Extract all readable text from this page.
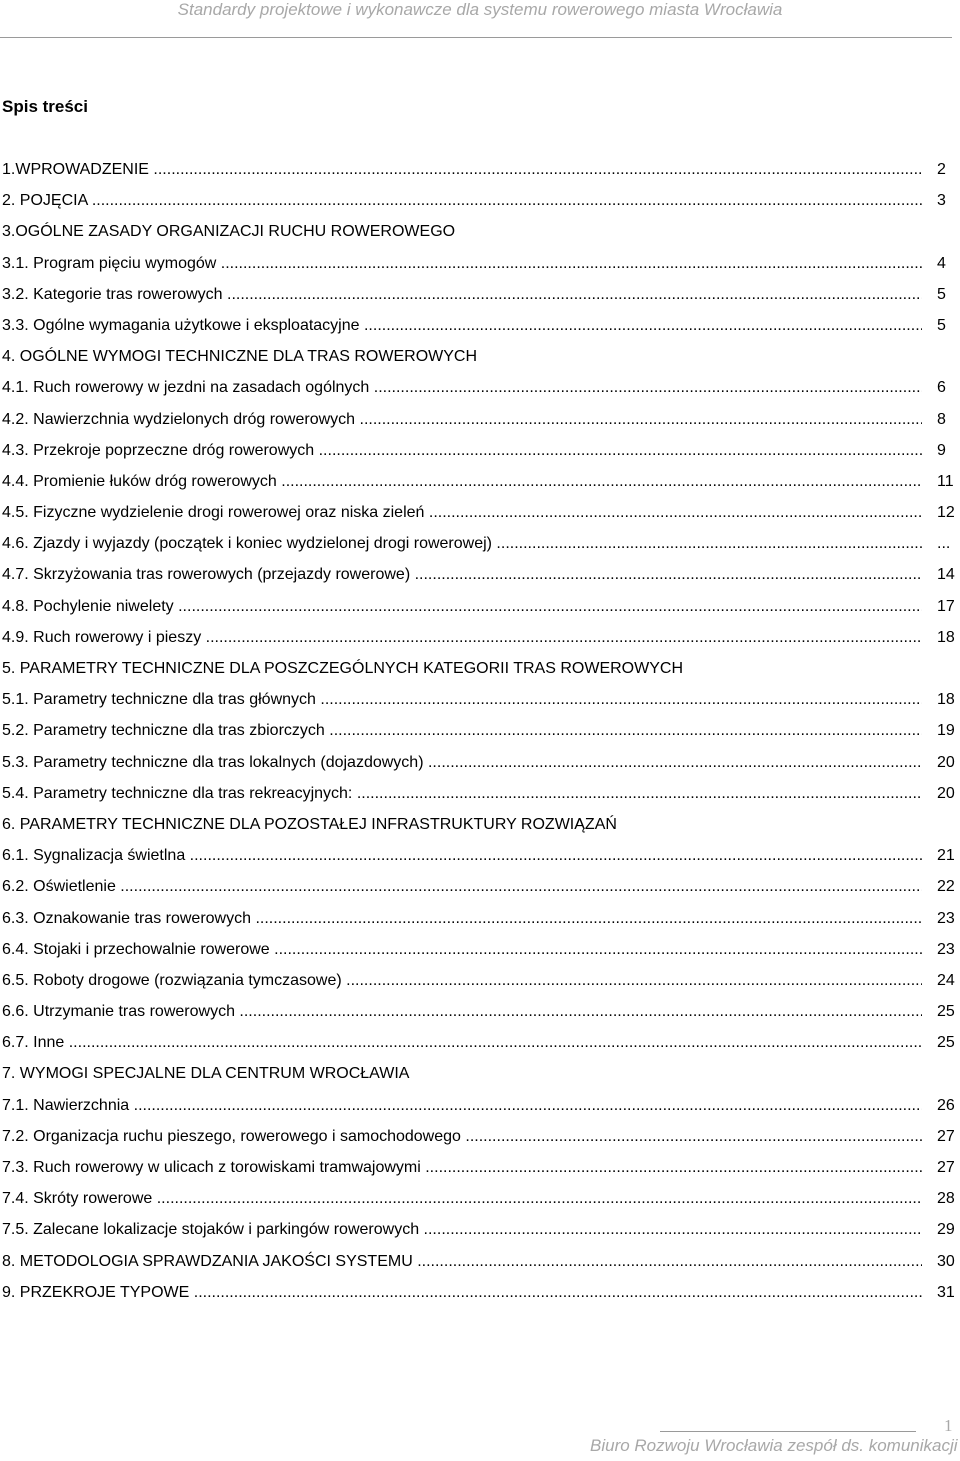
Standardy projektowe i wykonawcze dla systemu rowerowego miasta Wrocławia
Spis treści
1.WPROWADZENIE .....	2
2. POJĘCIA .....	3
3.OGÓLNE ZASADY ORGANIZACJI RUCHU ROWEROWEGO
3.1. Program pięciu wymogów .....	4
3.2. Kategorie tras rowerowych .....	5
3.3. Ogólne wymagania użytkowe i eksploatacyjne .....	5
4. OGÓLNE WYMOGI TECHNICZNE DLA TRAS ROWEROWYCH
4.1. Ruch rowerowy w jezdni na zasadach ogólnych .....	6
4.2. Nawierzchnia wydzielonych dróg rowerowych .....	8
4.3. Przekroje poprzeczne dróg rowerowych .....	9
4.4. Promienie łuków dróg rowerowych .....	11
4.5. Fizyczne wydzielenie drogi rowerowej oraz niska zieleń .....	12
4.6. Zjazdy i wyjazdy (początek i koniec wydzielonej drogi rowerowej) .....	...
4.7. Skrzyżowania tras rowerowych (przejazdy rowerowe) .....	14
4.8. Pochylenie niwelety .....	17
4.9. Ruch rowerowy i pieszy .....	18
5. PARAMETRY TECHNICZNE DLA POSZCZEGÓLNYCH KATEGORII TRAS ROWEROWYCH
5.1. Parametry techniczne dla tras głównych .....	18
5.2. Parametry techniczne dla tras zbiorczych .....	19
5.3. Parametry techniczne dla tras lokalnych (dojazdowych) .....	20
5.4. Parametry techniczne dla tras rekreacyjnych: .....	20
6. PARAMETRY TECHNICZNE DLA POZOSTAŁEJ INFRASTRUKTURY ROZWIĄZAŃ
6.1. Sygnalizacja świetlna .....	21
6.2. Oświetlenie .....	22
6.3. Oznakowanie tras rowerowych .....	23
6.4. Stojaki i przechowalnie rowerowe .....	23
6.5. Roboty drogowe (rozwiązania tymczasowe) .....	24
6.6. Utrzymanie tras rowerowych .....	25
6.7. Inne .....	25
7. WYMOGI SPECJALNE DLA CENTRUM WROCŁAWIA
7.1. Nawierzchnia .....	26
7.2. Organizacja ruchu pieszego, rowerowego i samochodowego .....	27
7.3. Ruch rowerowy w ulicach z torowiskami tramwajowymi .....	27
7.4. Skróty rowerowe .....	28
7.5. Zalecane lokalizacje stojaków i parkingów rowerowych .....	29
8. METODOLOGIA SPRAWDZANIA JAKOŚCI SYSTEMU .....	30
9. PRZEKROJE TYPOWE .....	31
1
Biuro Rozwoju Wrocławia zespół ds. komunikacji
